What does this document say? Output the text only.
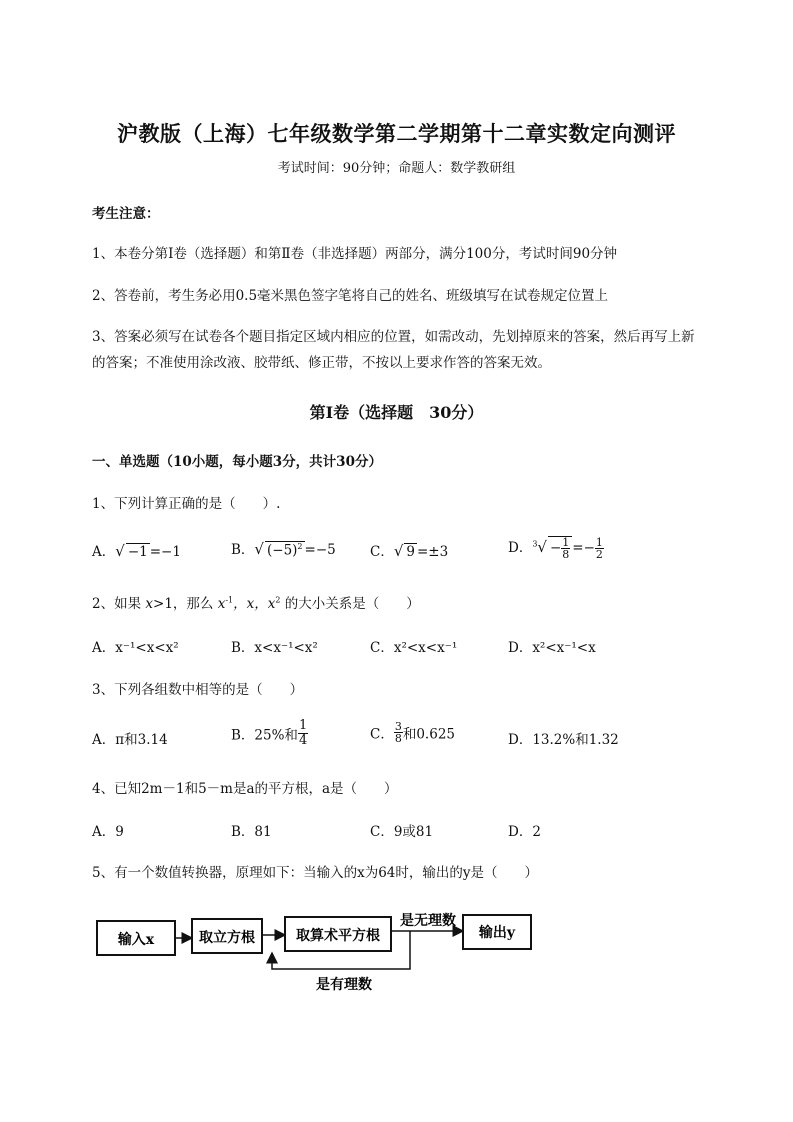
沪教版（上海）七年级数学第二学期第十二章实数定向测评
考试时间：90分钟；命题人：数学教研组
考生注意：
1、本卷分第Ⅰ卷（选择题）和第Ⅱ卷（非选择题）两部分，满分100分，考试时间90分钟
2、答卷前，考生务必用0.5毫米黑色签字笔将自己的姓名、班级填写在试卷规定位置上
3、答案必须写在试卷各个题目指定区域内相应的位置，如需改动，先划掉原来的答案，然后再写上新
的答案；不准使用涂改液、胶带纸、修正带，不按以上要求作答的答案无效。
第Ⅰ卷（选择题　30分）
一、单选题（10小题，每小题3分，共计30分）
1、下列计算正确的是（　　）.
A．√ −1 =−1	B．√ $(-5)^2 =-5$	C．√ 9 =±3	D．$^3√ - \frac{1}{8} =- \frac{1}{2}$
2、如果 x>1，那么 $x^{-1}$，x，$x^2$ 的大小关系是（　　）
A．x⁻¹<x<x²	B．x<x⁻¹<x²	C．x²<x<x⁻¹	D．x²<x⁻¹<x
3、下列各组数中相等的是（　　）
A．π和3.14	B．25%和 $\frac{1}{4}$	C． $\frac{3}{8}$ 和0.625	D．13.2%和1.32
4、已知2m－1和5－m是a的平方根，a是（　　）
A．9	B．81	C．9或81	D．2
5、有一个数值转换器，原理如下：当输入的x为64时，输出的y是（　　）
输入x	取立方根	取算术平方根
是无理数
输出y
是有理数
